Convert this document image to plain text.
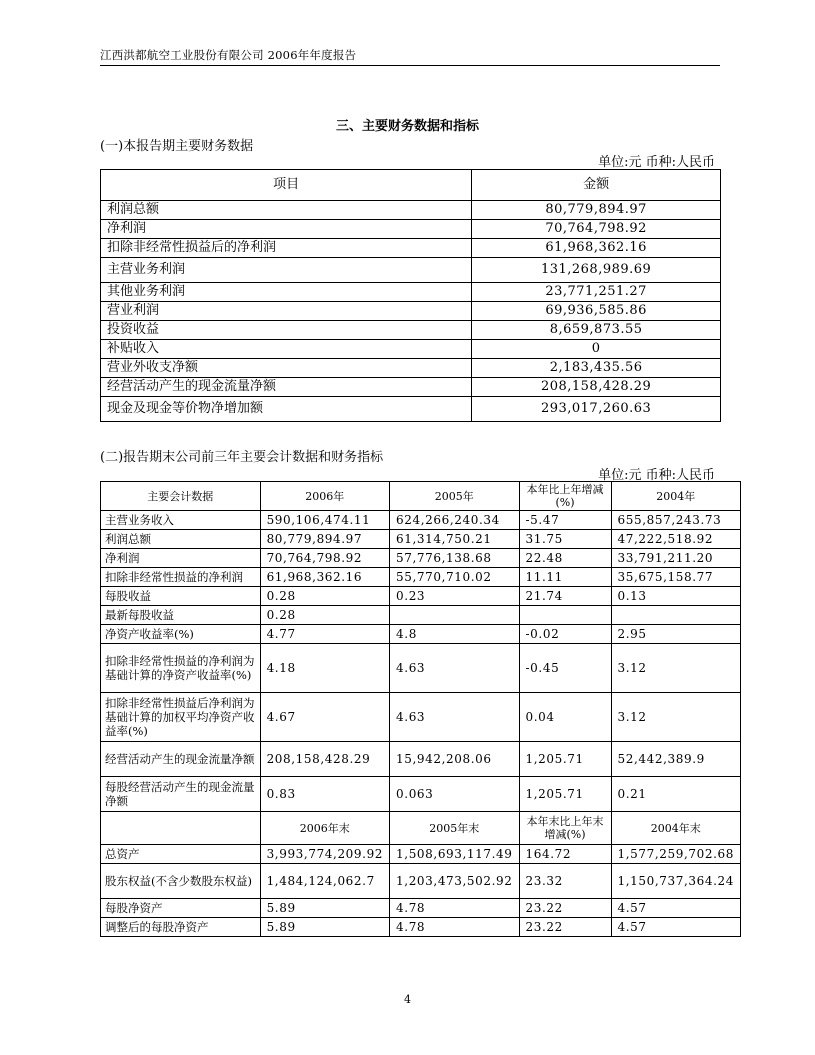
江西洪都航空工业股份有限公司 2006年年度报告
三、主要财务数据和指标
(一)本报告期主要财务数据
单位:元 币种:人民币
项目	金额
利润总额	80,779,894.97
净利润	70,764,798.92
扣除非经常性损益后的净利润	61,968,362.16
主营业务利润	131,268,989.69
其他业务利润	23,771,251.27
营业利润	69,936,585.86
投资收益	8,659,873.55
补贴收入	0
营业外收支净额	2,183,435.56
经营活动产生的现金流量净额	208,158,428.29
现金及现金等价物净增加额	293,017,260.63
(二)报告期末公司前三年主要会计数据和财务指标
单位:元 币种:人民币
主要会计数据	2006年	2005年	本年比上年增减(%)	2004年
主营业务收入	590,106,474.11	624,266,240.34	-5.47	655,857,243.73
利润总额	80,779,894.97	61,314,750.21	31.75	47,222,518.92
净利润	70,764,798.92	57,776,138.68	22.48	33,791,211.20
扣除非经常性损益的净利润	61,968,362.16	55,770,710.02	11.11	35,675,158.77
每股收益	0.28	0.23	21.74	0.13
最新每股收益	0.28			
净资产收益率(%)	4.77	4.8	-0.02	2.95
扣除非经常性损益的净利润为基础计算的净资产收益率(%)	4.18	4.63	-0.45	3.12
扣除非经常性损益后净利润为基础计算的加权平均净资产收益率(%)	4.67	4.63	0.04	3.12
经营活动产生的现金流量净额	208,158,428.29	15,942,208.06	1,205.71	52,442,389.9
每股经营活动产生的现金流量净额	0.83	0.063	1,205.71	0.21
	2006年末	2005年末	本年末比上年末增减(%)	2004年末
总资产	3,993,774,209.92	1,508,693,117.49	164.72	1,577,259,702.68
股东权益(不含少数股东权益)	1,484,124,062.7	1,203,473,502.92	23.32	1,150,737,364.24
每股净资产	5.89	4.78	23.22	4.57
调整后的每股净资产	5.89	4.78	23.22	4.57
4
